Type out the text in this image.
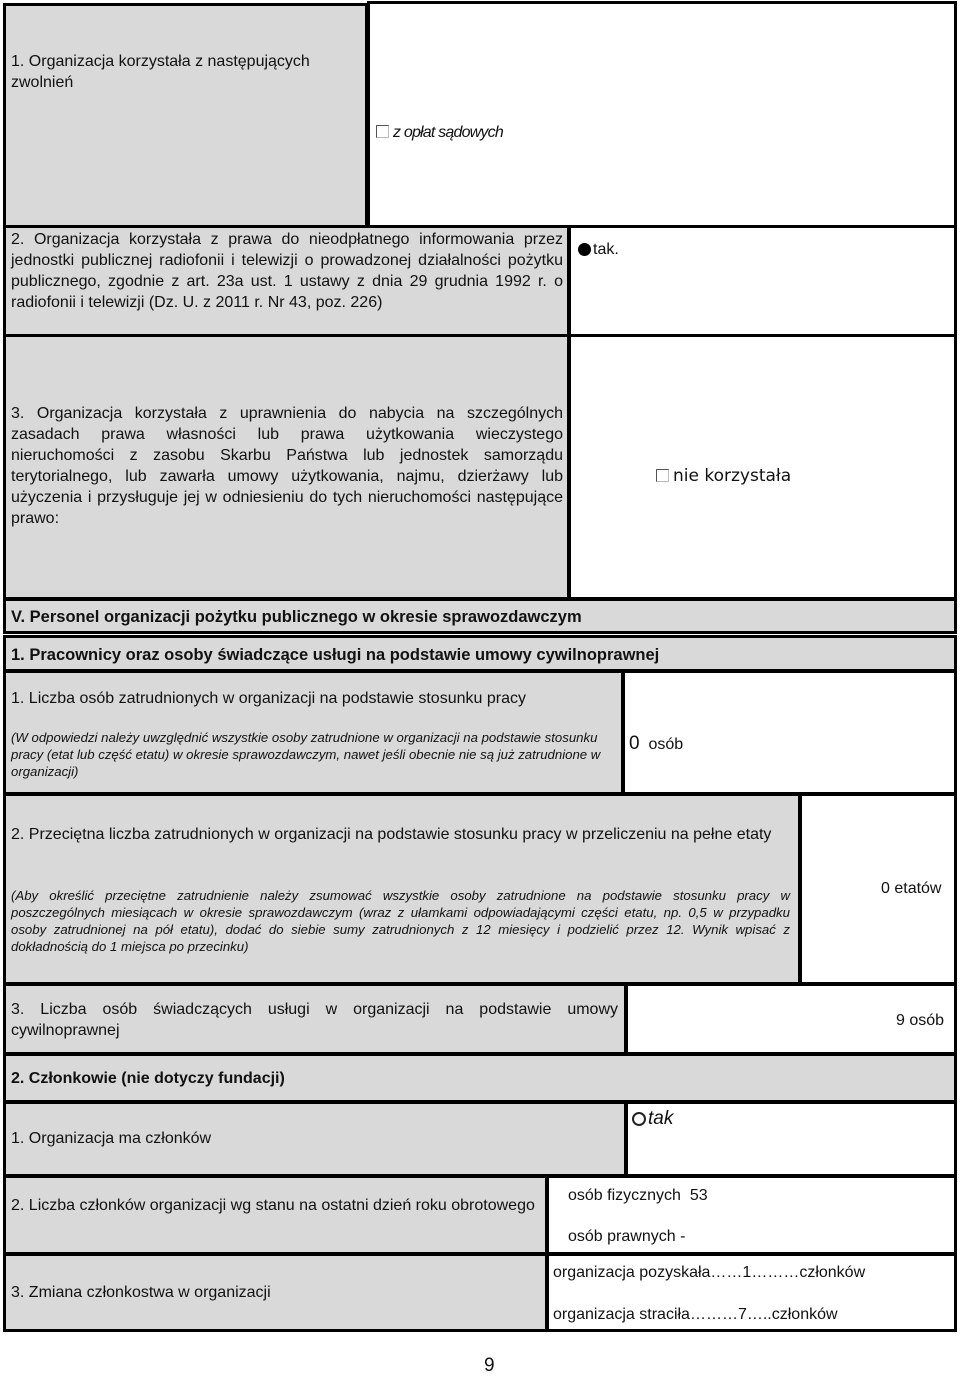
1. Organizacja korzystała z następujących zwolnień
z opłat sądowych
2. Organizacja korzystała z prawa do nieodpłatnego informowania przez jednostki publicznej radiofonii i telewizji o prowadzonej działalności pożytku publicznego, zgodnie z art. 23a ust. 1 ustawy z dnia 29 grudnia 1992 r. o radiofonii i telewizji (Dz. U. z 2011 r. Nr 43, poz. 226)
tak.
3. Organizacja korzystała z uprawnienia do nabycia na szczególnych zasadach prawa własności lub prawa użytkowania wieczystego nieruchomości z zasobu Skarbu Państwa lub jednostek samorządu terytorialnego, lub zawarła umowy użytkowania, najmu, dzierżawy lub użyczenia i przysługuje jej w odniesieniu do tych nieruchomości następujące prawo:
nie korzystała
V. Personel organizacji pożytku publicznego w okresie sprawozdawczym
1. Pracownicy oraz osoby świadczące usługi na podstawie umowy cywilnoprawnej
1. Liczba osób zatrudnionych w organizacji na podstawie stosunku pracy
(W odpowiedzi należy uwzględnić wszystkie osoby zatrudnione w organizacji na podstawie stosunku pracy (etat lub część etatu) w okresie sprawozdawczym, nawet jeśli obecnie nie są już zatrudnione w organizacji)
0 osób
2. Przeciętna liczba zatrudnionych w organizacji na podstawie stosunku pracy w przeliczeniu na pełne etaty
(Aby określić przeciętne zatrudnienie należy zsumować wszystkie osoby zatrudnione na podstawie stosunku pracy w poszczególnych miesiącach w okresie sprawozdawczym (wraz z ułamkami odpowiadającymi części etatu, np. 0,5 w przypadku osoby zatrudnionej na pół etatu), dodać do siebie sumy zatrudnionych z 12 miesięcy i podzielić przez 12. Wynik wpisać z dokładnością do 1 miejsca po przecinku)
0 etatów
3. Liczba osób świadczących usługi w organizacji na podstawie umowy cywilnoprawnej
9 osób
2. Członkowie (nie dotyczy fundacji)
1. Organizacja ma członków
tak
2. Liczba członków organizacji wg stanu na ostatni dzień roku obrotowego
osób fizycznych  53
osób prawnych -
3. Zmiana członkostwa w organizacji
organizacja pozyskała……1………członków
organizacja straciła………7…..członków
9
